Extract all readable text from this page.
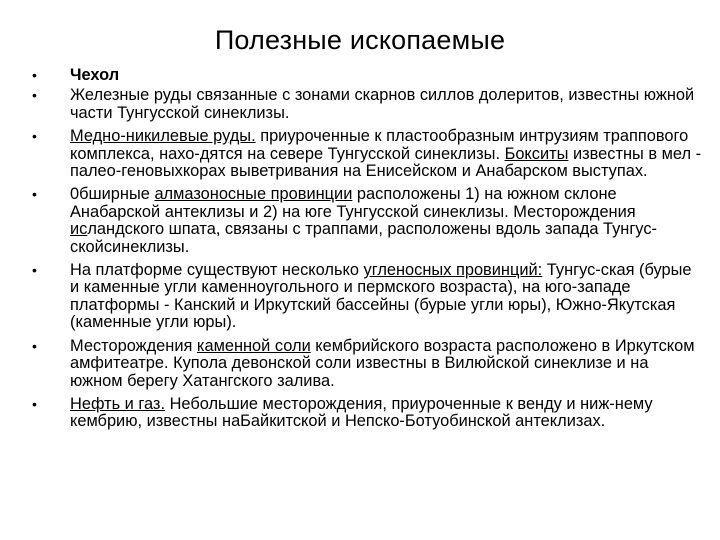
Полезные ископаемые
•	Чехол
•	Железные руды связанные с зонами скарнов силлов долеритов, известны южной части Тунгусской синеклизы.
•	Медно-никилевые руды. приуроченные к пластообразным интрузиям траппового комплекса, нахо-дятся на севере Тунгусской синеклизы. Бокситы известны в мел - палео-геновыхкорах выветривания на Енисейском и Анабарском выступах.
•	0бширные алмазоносные провинции расположены 1) на южном склоне Анабарской антеклизы и 2) на юге Тунгусской синеклизы. Месторождения исландского шпата, связаны с траппами, расположены вдоль запада Тунгус-скойсинеклизы.
•	На платформе существуют несколько угленосных провинций: Тунгус-ская (бурые и каменные угли каменноугольного и пермского возраста), на юго-западе платформы - Канский и Иркутский бассейны (бурые угли юры), Южно-Якутская (каменные угли юры).
•	Месторождения каменной соли кембрийского возраста расположено в Иркутском амфитеатре. Купола девонской соли известны в Вилюйской синеклизе и на южном берегу Хатангского залива.
•	Нефть и газ. Небольшие месторождения, приуроченные к венду и ниж-нему кембрию, известны наБайкитской и Непско-Ботуобинской антеклизах.
